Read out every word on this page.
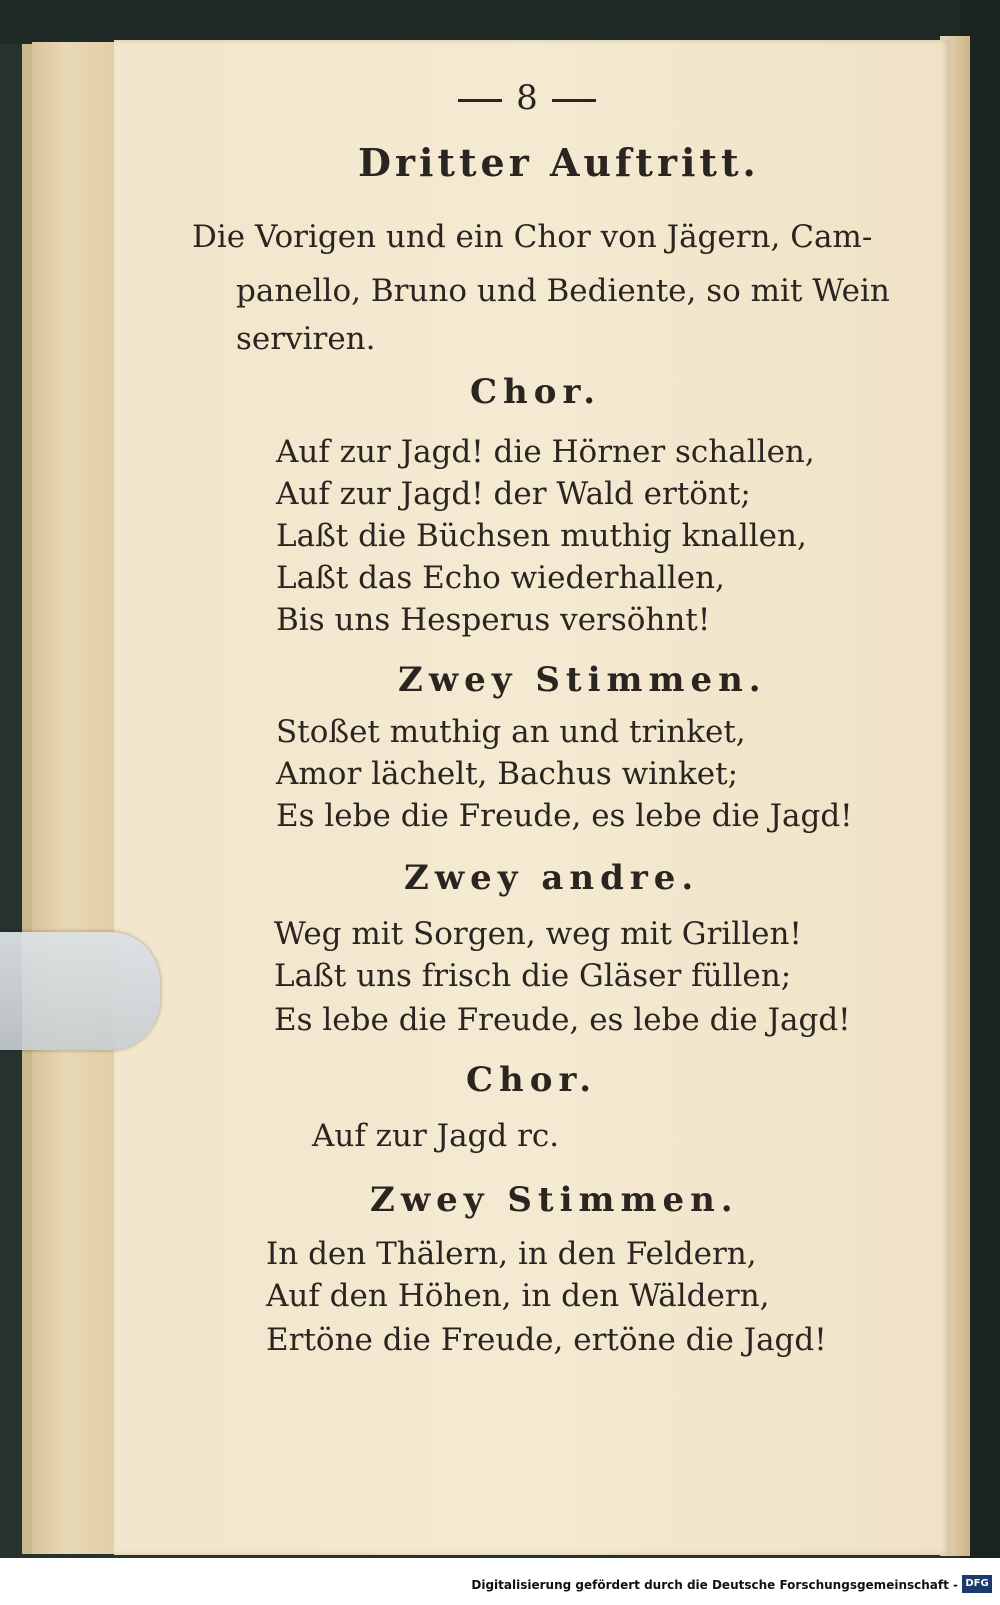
8
Dritter Auftritt.
Die Vorigen und ein Chor von Jägern, Cam-
panello, Bruno und Bediente, so mit Wein
serviren.
Chor.
Auf zur Jagd! die Hörner schallen,
Auf zur Jagd! der Wald ertönt;
Laßt die Büchsen muthig knallen,
Laßt das Echo wiederhallen,
Bis uns Hesperus versöhnt!
Zwey Stimmen.
Stoßet muthig an und trinket,
Amor lächelt, Bachus winket;
Es lebe die Freude, es lebe die Jagd!
Zwey andre.
Weg mit Sorgen, weg mit Grillen!
Laßt uns frisch die Gläser füllen;
Es lebe die Freude, es lebe die Jagd!
Chor.
Auf zur Jagd rc.
Zwey Stimmen.
In den Thälern, in den Feldern,
Auf den Höhen, in den Wäldern,
Ertöne die Freude, ertöne die Jagd!
Digitalisierung gefördert durch die Deutsche Forschungsgemeinschaft - DFG
